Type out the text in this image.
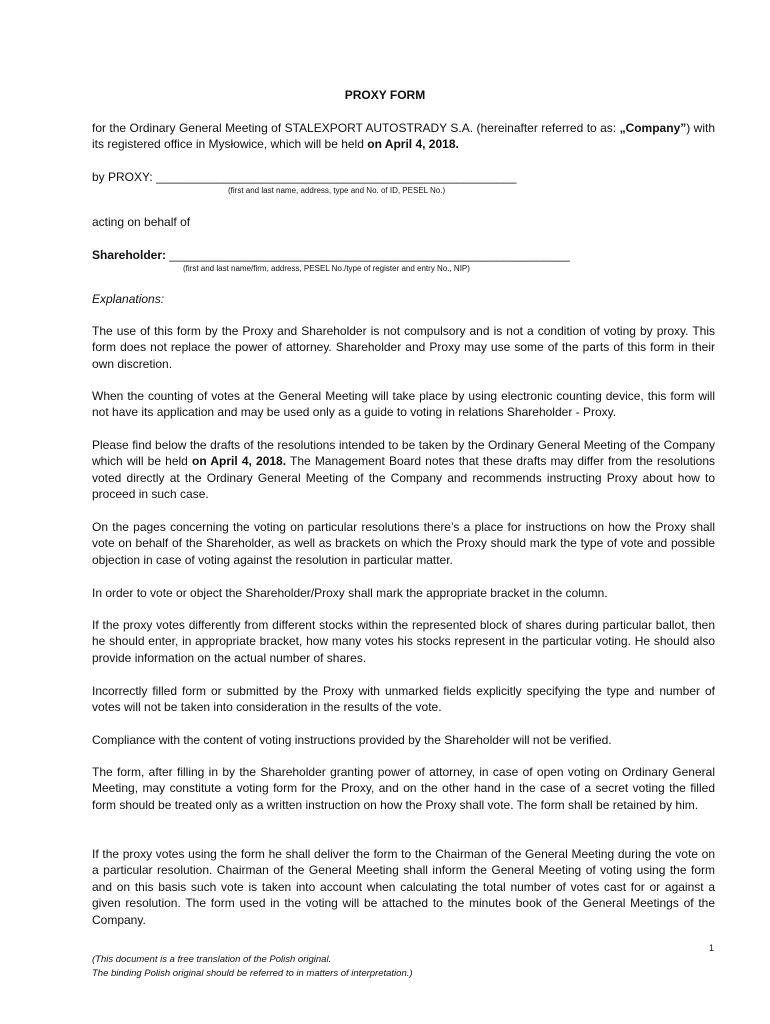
PROXY FORM

for the Ordinary General Meeting of STALEXPORT AUTOSTRADY S.A. (hereinafter referred to as: „Company”) with its registered office in Mysłowice, which will be held on April 4, 2018.

by PROXY: ______________________________________________________
(first and last name, address, type and No. of ID, PESEL No.)
acting on behalf of
Shareholder: ____________________________________________________________
(first and last name/firm, address, PESEL No./type of register and entry No., NIP)
Explanations:

The use of this form by the Proxy and Shareholder is not compulsory and is not a condition of voting by proxy. This form does not replace the power of attorney. Shareholder and Proxy may use some of the parts of this form in their own discretion.

When the counting of votes at the General Meeting will take place by using electronic counting device, this form will not have its application and may be used only as a guide to voting in relations Shareholder - Proxy.

Please find below the drafts of the resolutions intended to be taken by the Ordinary General Meeting of the Company which will be held on April 4, 2018. The Management Board notes that these drafts may differ from the resolutions voted directly at the Ordinary General Meeting of the Company and recommends instructing Proxy about how to proceed in such case.

On the pages concerning the voting on particular resolutions there’s a place for instructions on how the Proxy shall vote on behalf of the Shareholder, as well as brackets on which the Proxy should mark the type of vote and possible objection in case of voting against the resolution in particular matter.

In order to vote or object the Shareholder/Proxy shall mark the appropriate bracket in the column.

If the proxy votes differently from different stocks within the represented block of shares during particular ballot, then he should enter, in appropriate bracket, how many votes his stocks represent in the particular voting. He should also provide information on the actual number of shares.

Incorrectly filled form or submitted by the Proxy with unmarked fields explicitly specifying the type and number of votes will not be taken into consideration in the results of the vote.

Compliance with the content of voting instructions provided by the Shareholder will not be verified.

The form, after filling in by the Shareholder granting power of attorney, in case of open voting on Ordinary General Meeting, may constitute a voting form for the Proxy, and on the other hand in the case of a secret voting the filled form should be treated only as a written instruction on how the Proxy shall vote. The form shall be retained by him.

If the proxy votes using the form he shall deliver the form to the Chairman of the General Meeting during the vote on a particular resolution. Chairman of the General Meeting shall inform the General Meeting of voting using the form and on this basis such vote is taken into account when calculating the total number of votes cast for or against a given resolution. The form used in the voting will be attached to the minutes book of the General Meetings of the Company.

1
(This document is a free translation of the Polish original.
The binding Polish original should be referred to in matters of interpretation.)
